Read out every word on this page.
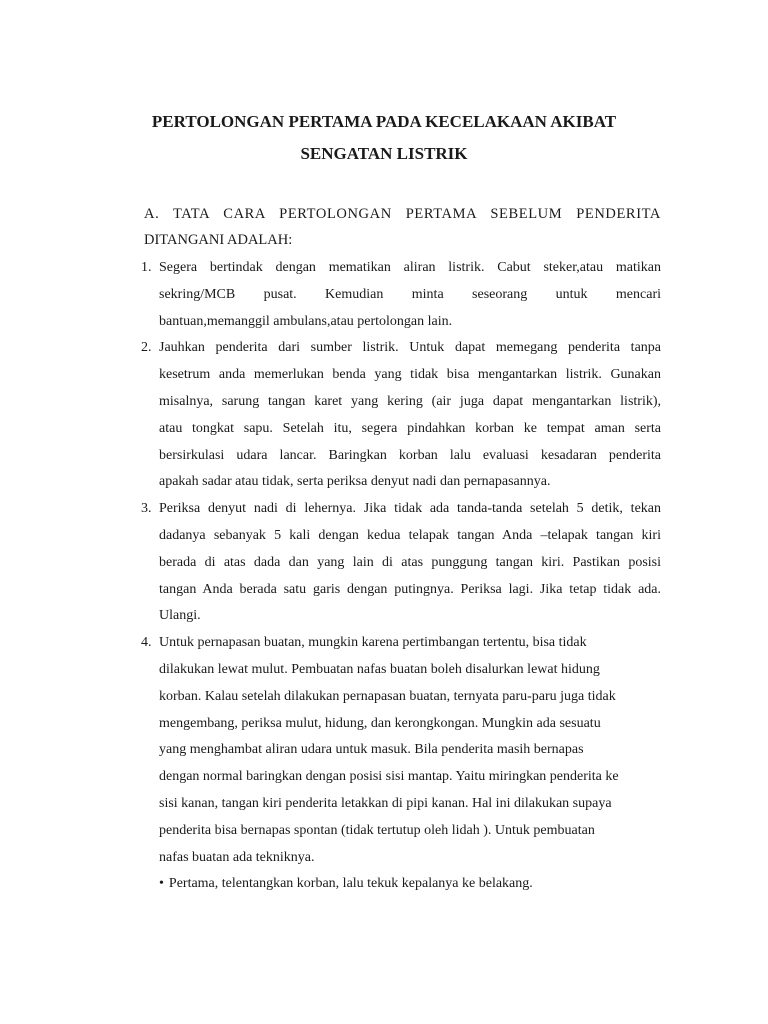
PERTOLONGAN PERTAMA PADA KECELAKAAN AKIBAT
SENGATAN LISTRIK

A. TATA CARA PERTOLONGAN PERTAMA SEBELUM PENDERITA
DITANGANI ADALAH:

1. Segera bertindak dengan mematikan aliran listrik. Cabut steker,atau matikan
sekring/MCB pusat. Kemudian minta seseorang untuk mencari
bantuan,memanggil ambulans,atau pertolongan lain.
2. Jauhkan penderita dari sumber listrik. Untuk dapat memegang penderita tanpa
kesetrum anda memerlukan benda yang tidak bisa mengantarkan listrik. Gunakan
misalnya, sarung tangan karet yang kering (air juga dapat mengantarkan listrik),
atau tongkat sapu. Setelah itu, segera pindahkan korban ke tempat aman serta
bersirkulasi udara lancar. Baringkan korban lalu evaluasi kesadaran penderita
apakah sadar atau tidak, serta periksa denyut nadi dan pernapasannya.
3. Periksa denyut nadi di lehernya. Jika tidak ada tanda-tanda setelah 5 detik, tekan
dadanya sebanyak 5 kali dengan kedua telapak tangan Anda –telapak tangan kiri
berada di atas dada dan yang lain di atas punggung tangan kiri. Pastikan posisi
tangan Anda berada satu garis dengan putingnya. Periksa lagi. Jika tetap tidak ada.
Ulangi.
4. Untuk pernapasan buatan, mungkin karena pertimbangan tertentu, bisa tidak
dilakukan lewat mulut. Pembuatan nafas buatan boleh disalurkan lewat hidung
korban. Kalau setelah dilakukan pernapasan buatan, ternyata paru-paru juga tidak
mengembang, periksa mulut, hidung, dan kerongkongan. Mungkin ada sesuatu
yang menghambat aliran udara untuk masuk. Bila penderita masih bernapas
dengan normal baringkan dengan posisi sisi mantap. Yaitu miringkan penderita ke
sisi kanan, tangan kiri penderita letakkan di pipi kanan. Hal ini dilakukan supaya
penderita bisa bernapas spontan (tidak tertutup oleh lidah ). Untuk pembuatan
nafas buatan ada tekniknya.
• Pertama, telentangkan korban, lalu tekuk kepalanya ke belakang.
